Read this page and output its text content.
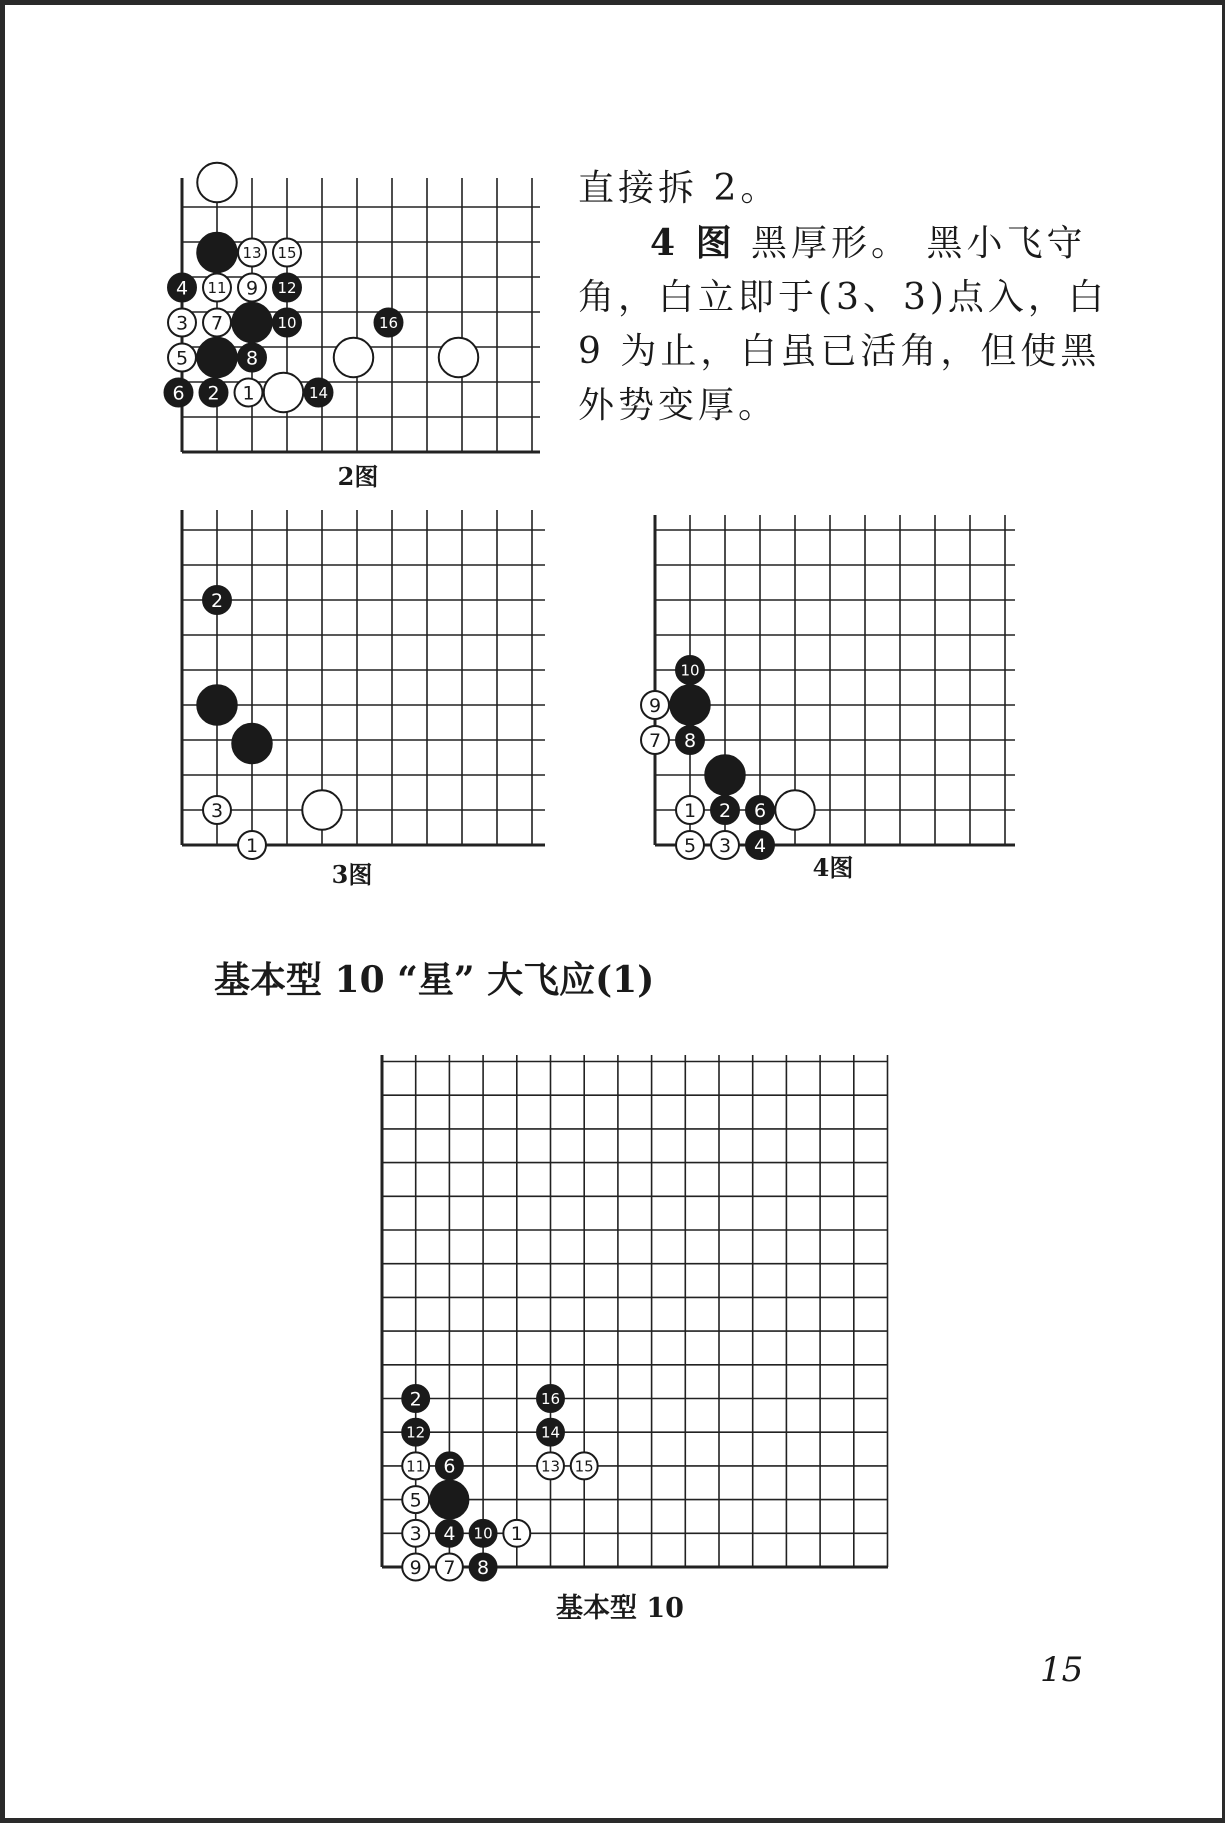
直接拆 2。

4 图 黑厚形。 黑小飞守角，白立即于(3、3)点入，白 9 为止，白虽已活角，但使黑外势变厚。

13 15
4 11 9 12
3 7	10	16
5	8
6 2 1	14
2
3
1
10
9
7 8
1 2 6
5 3 4
2	16
12	14
11 6	13 15
5
3 4 10 1
9 7 8
2图
3图	4图
基本型 10 “星” 大飞应(1)
基本型 10
15
